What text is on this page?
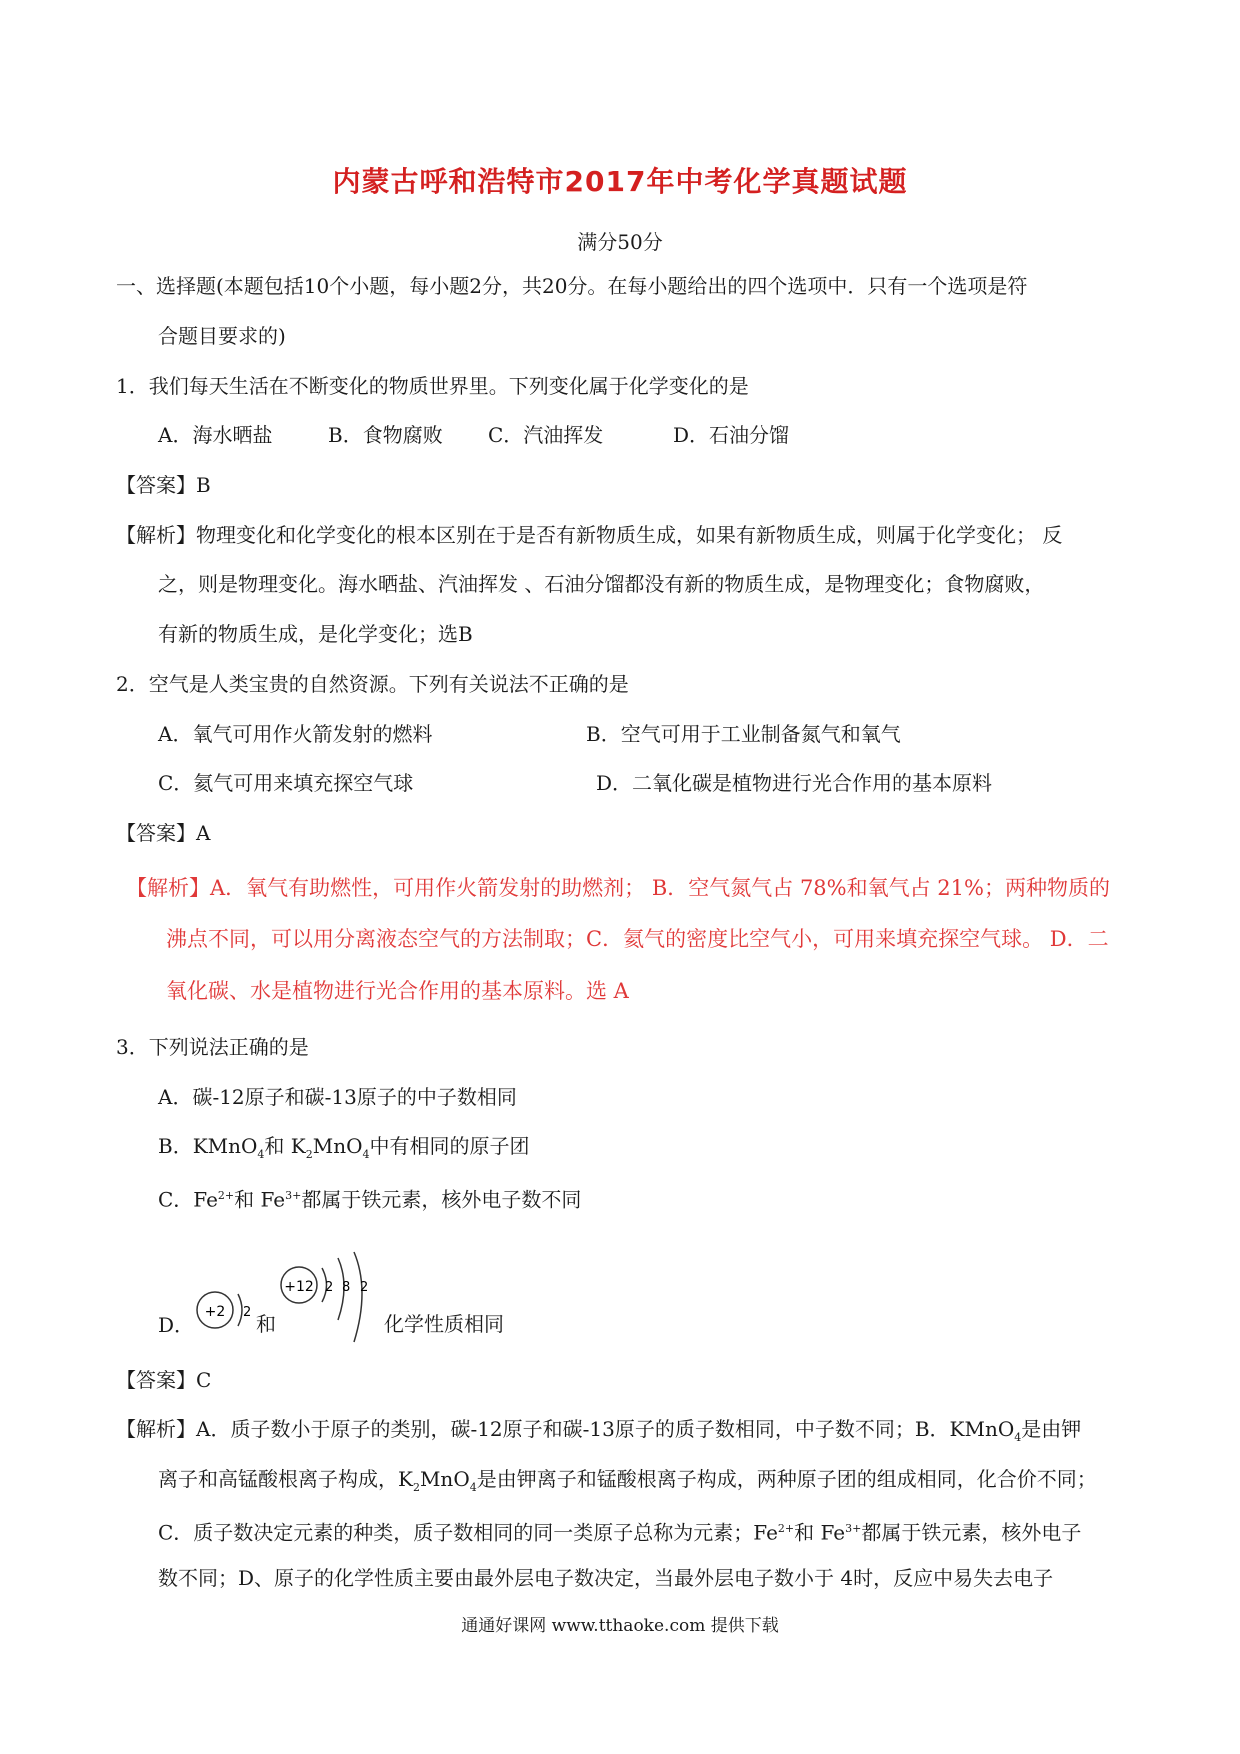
内蒙古呼和浩特市2017年中考化学真题试题
满分50分
一、选择题(本题包括10个小题，每小题2分，共20分。在每小题给出的四个选项中．只有一个选项是符
合题目要求的)
1．我们每天生活在不断变化的物质世界里。下列变化属于化学变化的是
A．海水晒盐	B．食物腐败 C．汽油挥发	D．石油分馏
【答案】B
【解析】物理变化和化学变化的根本区别在于是否有新物质生成，如果有新物质生成，则属于化学变化； 反
之，则是物理变化。海水晒盐、汽油挥发 、石油分馏都没有新的物质生成，是物理变化；食物腐败，
有新的物质生成，是化学变化；选B
2．空气是人类宝贵的自然资源。下列有关说法不正确的是
A．氧气可用作火箭发射的燃料	B．空气可用于工业制备氮气和氧气
C．氦气可用来填充探空气球	D．二氧化碳是植物进行光合作用的基本原料
【答案】A
【解析】A．氧气有助燃性，可用作火箭发射的助燃剂； B．空气氮气占 78%和氧气占 21%；两种物质的
沸点不同，可以用分离液态空气的方法制取；C．氦气的密度比空气小，可用来填充探空气球。 D．二
氧化碳、水是植物进行光合作用的基本原料。选 A
3．下列说法正确的是
A．碳-12原子和碳-13原子的中子数相同
B．KMnO$_4$和 $K_2MnO_4$中有相同的原子团
C．$Fe^{2+}$和 $Fe^{3+}$都属于铁元素，核外电子数不同
D．
+2 2
+12 2 8 2
和	化学性质相同
【答案】C
【解析】A．质子数小于原子的类别，碳-12原子和碳-13原子的质子数相同，中子数不同；B．KMnO$_4$是由钾
离子和高锰酸根离子构成，$K_2MnO_4$是由钾离子和锰酸根离子构成，两种原子团的组成相同，化合价不同；
C．质子数决定元素的种类，质子数相同的同一类原子总称为元素；$Fe^{2+}$和 $Fe^{3+}$都属于铁元素，核外电子
数不同；D、原子的化学性质主要由最外层电子数决定，当最外层电子数小于 4时，反应中易失去电子
通通好课网 www.tthaoke.com 提供下载
